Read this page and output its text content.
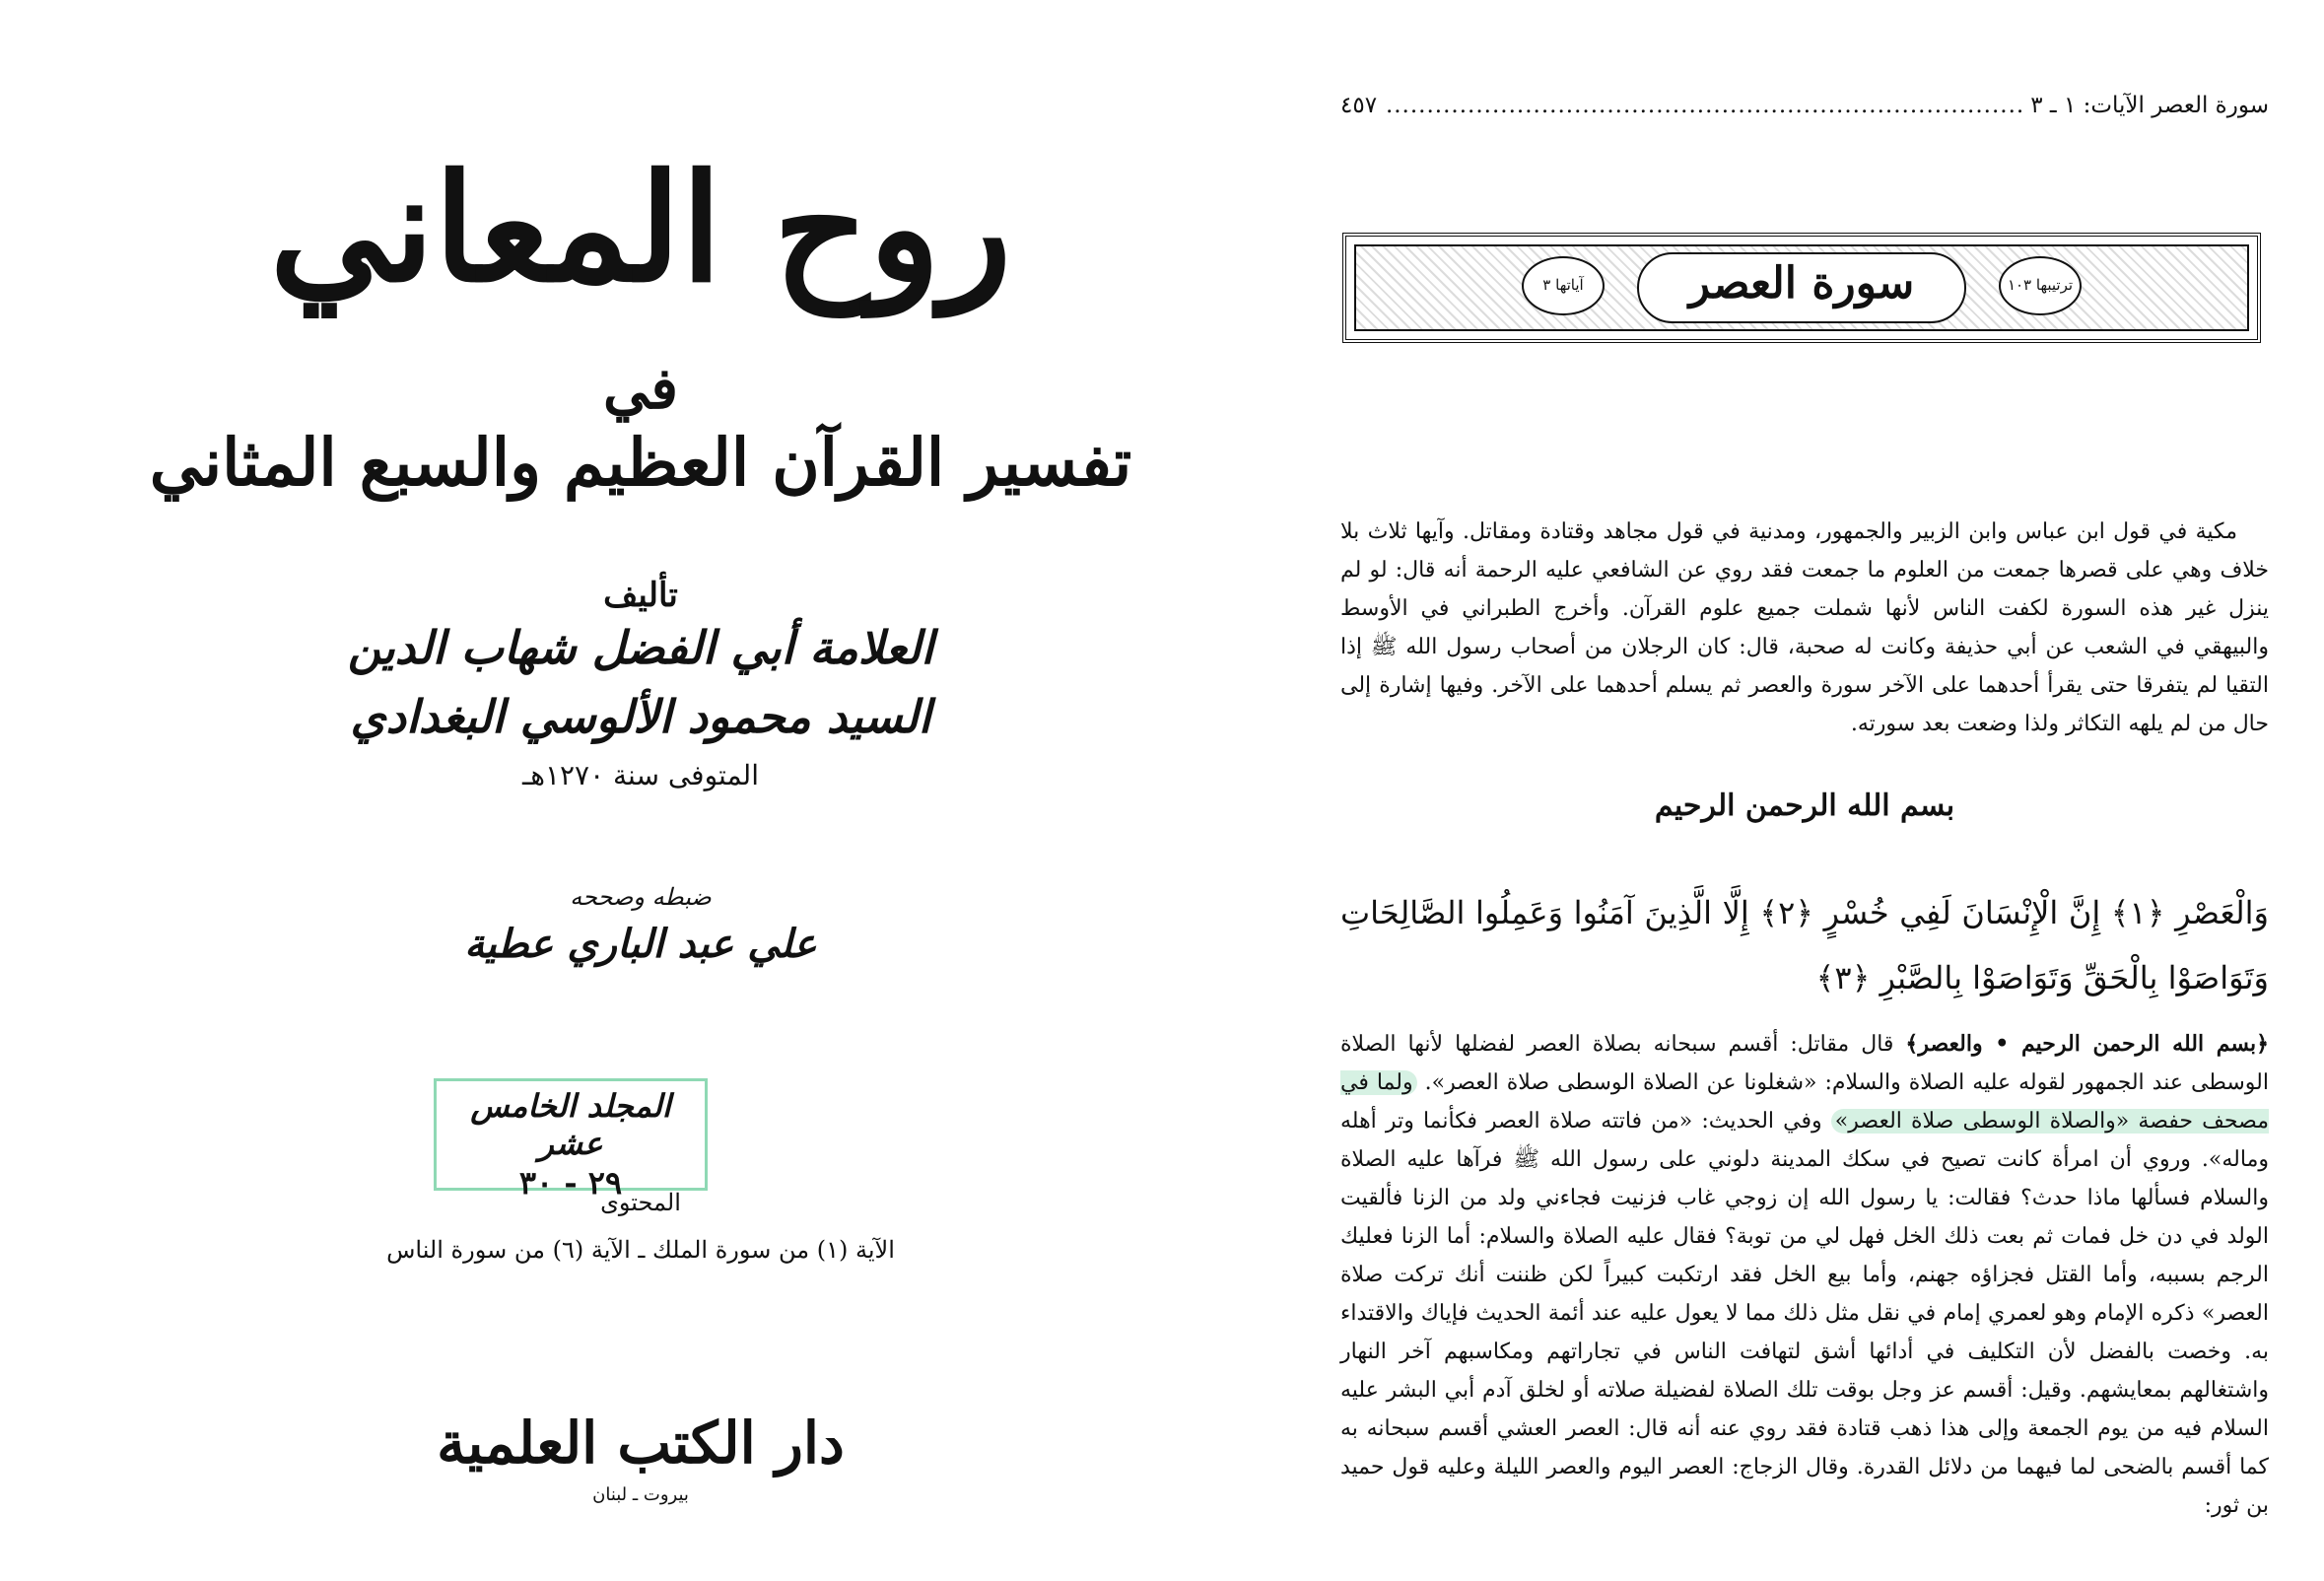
روح المعاني
في
تفسير القرآن العظيم والسبع المثاني
تأليف
العلامة أبي الفضل شهاب الدين
السيد محمود الألوسي البغدادي
المتوفى سنة ١٢٧٠هـ
ضبطه وصححه
علي عبد الباري عطية
المجلد الخامس عشر
٢٩ - ٣٠
المحتوى
الآية (١) من سورة الملك ـ الآية (٦) من سورة الناس
دار الكتب العلمية
بيروت ـ لبنان
سورة العصر الآيات: ١ ـ ٣
.....
٤٥٧
ترتيبها ١٠٣
سورة العصر
آياتها ٣
مكية في قول ابن عباس وابن الزبير والجمهور، ومدنية في قول مجاهد وقتادة ومقاتل. وآيها ثلاث بلا خلاف وهي على قصرها جمعت من العلوم ما جمعت فقد روي عن الشافعي عليه الرحمة أنه قال: لو لم ينزل غير هذه السورة لكفت الناس لأنها شملت جميع علوم القرآن. وأخرج الطبراني في الأوسط والبيهقي في الشعب عن أبي حذيفة وكانت له صحبة، قال: كان الرجلان من أصحاب رسول الله ﷺ إذا التقيا لم يتفرقا حتى يقرأ أحدهما على الآخر سورة والعصر ثم يسلم أحدهما على الآخر. وفيها إشارة إلى حال من لم يلهه التكاثر ولذا وضعت بعد سورته.
بسم الله الرحمن الرحيم
وَالْعَصْرِ ﴿١﴾ إِنَّ الْإِنْسَانَ لَفِي خُسْرٍ ﴿٢﴾ إِلَّا الَّذِينَ آمَنُوا وَعَمِلُوا الصَّالِحَاتِ وَتَوَاصَوْا بِالْحَقِّ وَتَوَاصَوْا بِالصَّبْرِ ﴿٣﴾
﴿بسم الله الرحمن الرحيم • والعصر﴾ قال مقاتل: أقسم سبحانه بصلاة العصر لفضلها لأنها الصلاة الوسطى عند الجمهور لقوله عليه الصلاة والسلام: «شغلونا عن الصلاة الوسطى صلاة العصر». ولما في مصحف حفصة «والصلاة الوسطى صلاة العصر» وفي الحديث: «من فاتته صلاة العصر فكأنما وتر أهله وماله». وروي أن امرأة كانت تصيح في سكك المدينة دلوني على رسول الله ﷺ فرآها عليه الصلاة والسلام فسألها ماذا حدث؟ فقالت: يا رسول الله إن زوجي غاب فزنيت فجاءني ولد من الزنا فألقيت الولد في دن خل فمات ثم بعت ذلك الخل فهل لي من توبة؟ فقال عليه الصلاة والسلام: أما الزنا فعليك الرجم بسببه، وأما القتل فجزاؤه جهنم، وأما بيع الخل فقد ارتكبت كبيراً لكن ظننت أنك تركت صلاة العصر» ذكره الإمام وهو لعمري إمام في نقل مثل ذلك مما لا يعول عليه عند أئمة الحديث فإياك والاقتداء به. وخصت بالفضل لأن التكليف في أدائها أشق لتهافت الناس في تجاراتهم ومكاسبهم آخر النهار واشتغالهم بمعايشهم. وقيل: أقسم عز وجل بوقت تلك الصلاة لفضيلة صلاته أو لخلق آدم أبي البشر عليه السلام فيه من يوم الجمعة وإلى هذا ذهب قتادة فقد روي عنه أنه قال: العصر العشي أقسم سبحانه به كما أقسم بالضحى لما فيهما من دلائل القدرة. وقال الزجاج: العصر اليوم والعصر الليلة وعليه قول حميد بن ثور:
